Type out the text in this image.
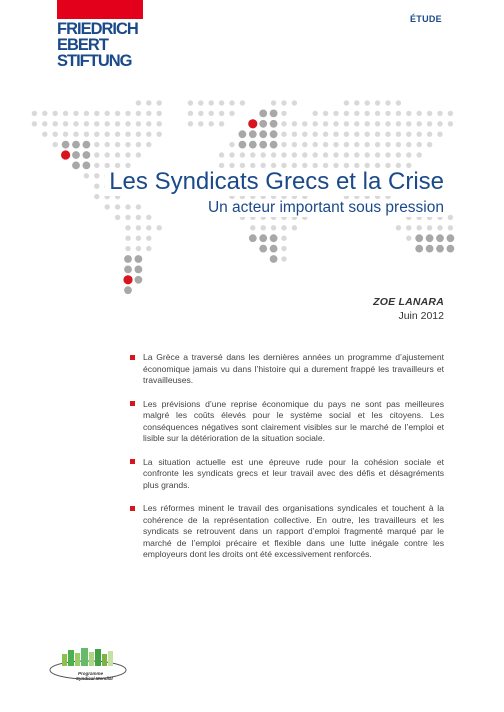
FRIEDRICH
EBERT
STIFTUNG
ÉTUDE
Les Syndicats Grecs et la Crise
Un acteur important sous pression
ZOE LANARA
Juin 2012
La Grèce a traversé dans les dernières années un programme d’ajustement économique jamais vu dans l’histoire qui a durement frappé les travailleurs et travailleuses.
Les prévisions d’une reprise économique du pays ne sont pas meilleures malgré les coûts élevés pour le système social et les citoyens. Les conséquences négatives sont clairement visibles sur le marché de l’emploi et lisible sur la détérioration de la situation sociale.
La situation actuelle est une épreuve rude pour la cohésion sociale et confronte les syndicats grecs et leur travail avec des défis et désagréments plus grands.
Les réformes minent le travail des organisations syndicales et touchent à la cohérence de la représentation collective. En outre, les travailleurs et les syndicats se retrouvent dans un rapport d’emploi fragmenté marqué par le marché de l’emploi précaire et flexible dans une lutte inégale contre les employeurs dont les droits ont été excessivement renforcés.
Programme
Syndical Mondial
